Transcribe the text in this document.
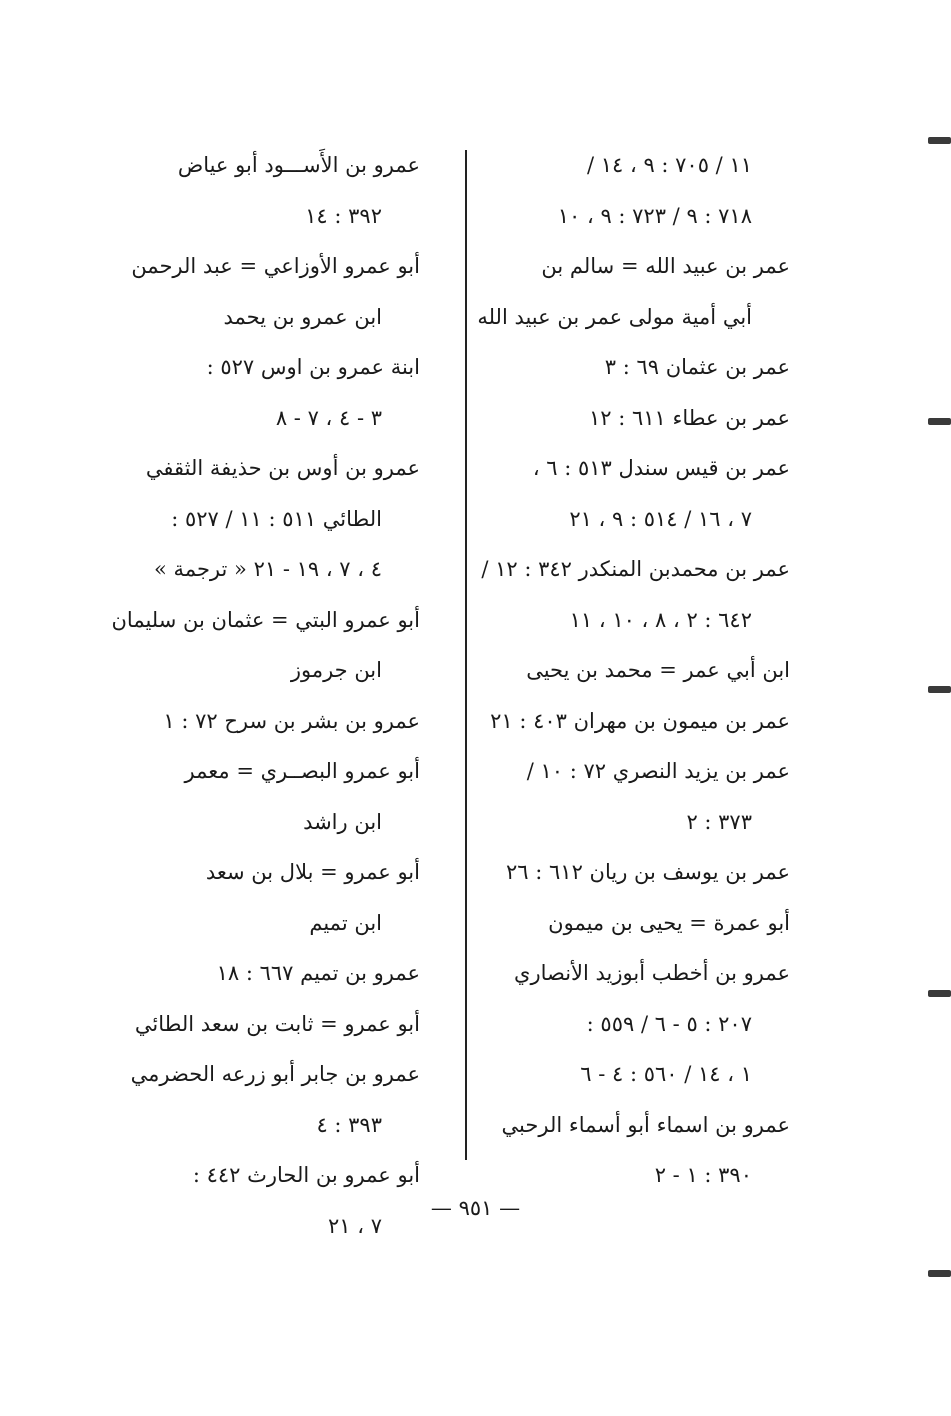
١١ / ٧٠٥ : ٩ ، ١٤ /
٧١٨ : ٩ / ٧٢٣ : ٩ ، ١٠
عمر بن عبيد الله = سالم بن
أبي أمية مولى عمر بن عبيد الله
عمر بن عثمان ٦٩ : ٣
عمر بن عطاء ٦١١ : ١٢
عمر بن قيس سندل ٥١٣ : ٦ ،
٧ ، ١٦ / ٥١٤ : ٩ ، ٢١
عمر بن محمدبن المنكدر ٣٤٢ : ١٢ /
٦٤٢ : ٢ ، ٨ ، ١٠ ، ١١
ابن أبي عمر = محمد بن يحيى
عمر بن ميمون بن مهران ٤٠٣ : ٢١
عمر بن يزيد النصري ٧٢ : ١٠ /
٣٧٣ : ٢
عمر بن يوسف بن ريان ٦١٢ : ٢٦
أبو عمرة = يحيى بن ميمون
عمرو بن أخطب أبوزيد الأنصاري
٢٠٧ : ٥ - ٦ / ٥٥٩ :
١ ، ١٤ / ٥٦٠ : ٤ - ٦
عمرو بن اسماء أبو أسماء الرحبي
٣٩٠ : ١ - ٢
عمرو بن الأَســـود أبو عياض
٣٩٢ : ١٤
أبو عمرو الأوزاعي = عبد الرحمن
ابن عمرو بن يحمد
ابنة عمرو بن اوس ٥٢٧ :
٣ - ٤ ، ٧ - ٨
عمرو بن أوس بن حذيفة الثقفي
الطائي ٥١١ : ١١ / ٥٢٧ :
٤ ، ٧ ، ١٩ - ٢١ « ترجمة »
أبو عمرو البتي = عثمان بن سليمان
ابن جرموز
عمرو بن بشر بن سرح ٧٢ : ١
أبو عمرو البصــري = معمر
ابن راشد
أبو عمرو = بلال بن سعد
ابن تميم
عمرو بن تميم ٦٦٧ : ١٨
أبو عمرو = ثابت بن سعد الطائي
عمرو بن جابر أبو زرعه الحضرمي
٣٩٣ : ٤
أبو عمرو بن الحارث ٤٤٢ :
٧ ، ٢١
— ٩٥١ —
